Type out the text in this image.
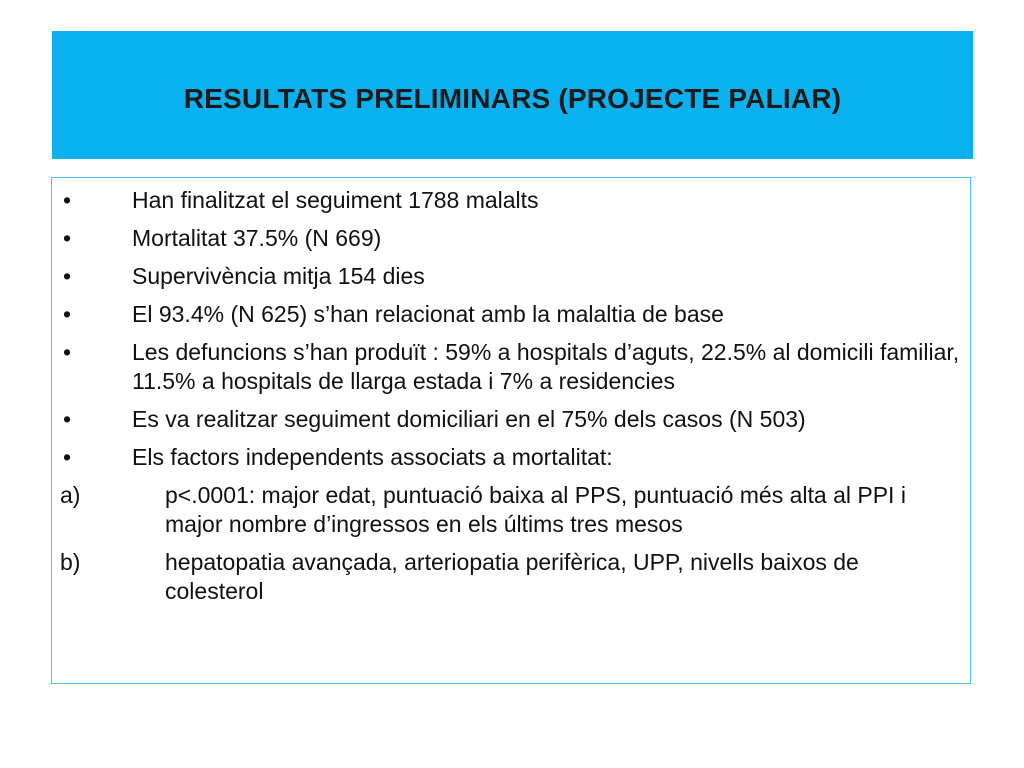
RESULTATS PRELIMINARS (PROJECTE PALIAR)
•	Han finalitzat el seguiment 1788 malalts
•	Mortalitat 37.5% (N 669)
•	Supervivència mitja 154 dies
•	El 93.4% (N 625) s’han relacionat amb la malaltia de base
•	Les defuncions s’han produït : 59% a hospitals d’aguts, 22.5% al domicili familiar, 11.5% a hospitals de llarga estada i 7% a residencies
•	Es va realitzar seguiment domiciliari en el 75% dels casos (N 503)
•	Els factors independents associats a mortalitat:
a)	p<.0001: major edat, puntuació baixa al PPS, puntuació més alta al PPI i major nombre d’ingressos en els últims tres mesos
b)	hepatopatia avançada, arteriopatia perifèrica, UPP, nivells baixos de colesterol
